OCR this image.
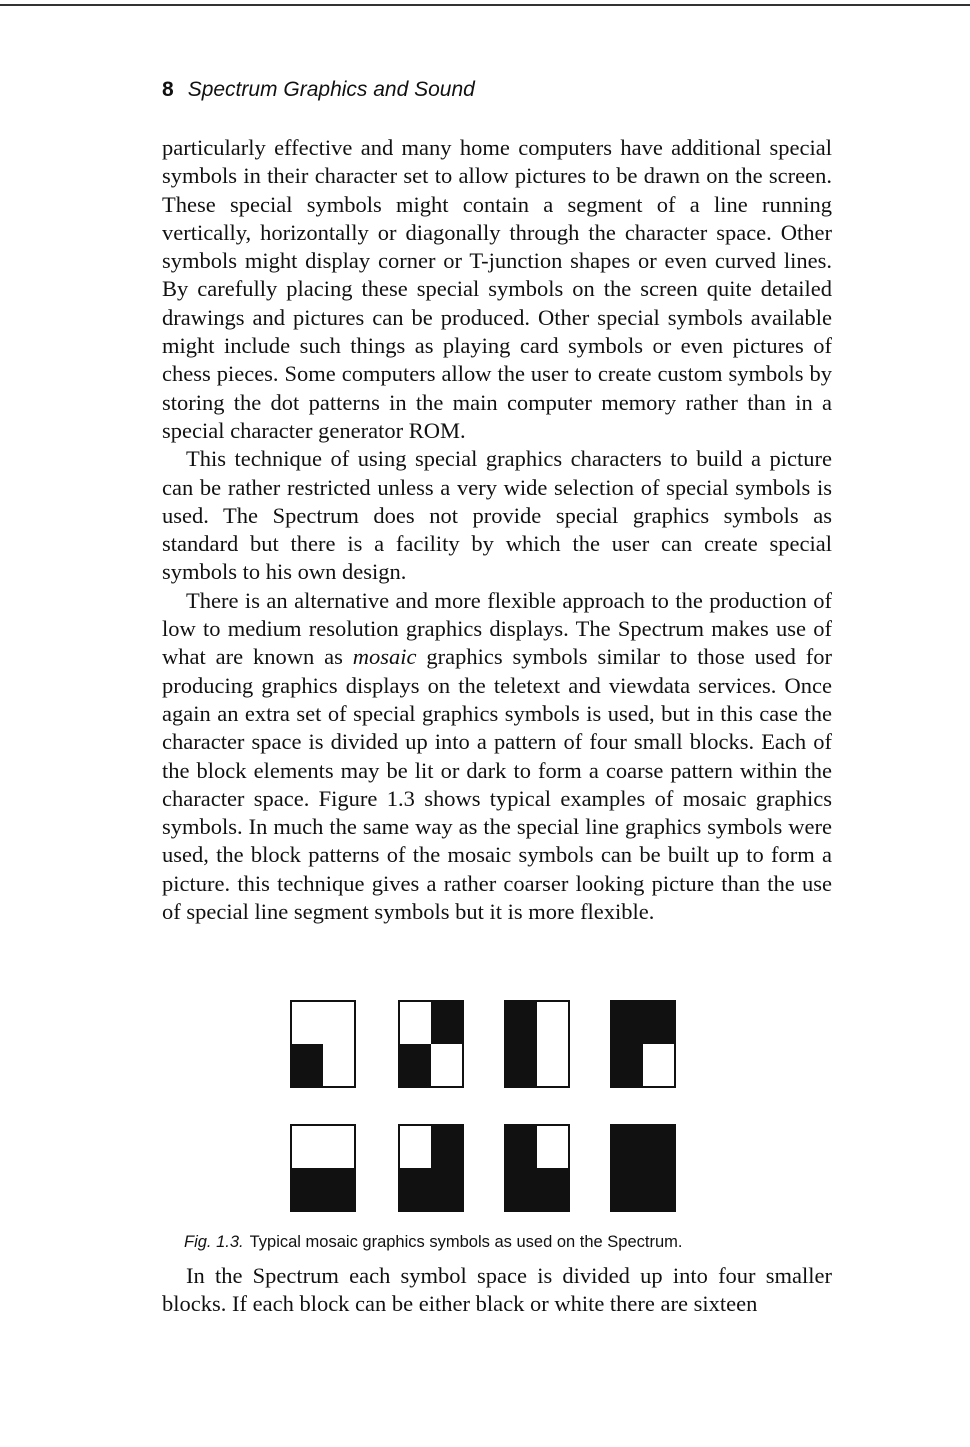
8 Spectrum Graphics and Sound

particularly effective and many home computers have additional special symbols in their character set to allow pictures to be drawn on the screen. These special symbols might contain a segment of a line running vertically, horizontally or diagonally through the character space. Other symbols might display corner or T-junction shapes or even curved lines. By carefully placing these special symbols on the screen quite detailed drawings and pictures can be produced. Other special symbols available might include such things as playing card symbols or even pictures of chess pieces. Some computers allow the user to create custom symbols by storing the dot patterns in the main computer memory rather than in a special character generator ROM.

This technique of using special graphics characters to build a picture can be rather restricted unless a very wide selection of special symbols is used. The Spectrum does not provide special graphics symbols as standard but there is a facility by which the user can create special symbols to his own design.

There is an alternative and more flexible approach to the production of low to medium resolution graphics displays. The Spectrum makes use of what are known as mosaic graphics symbols similar to those used for producing graphics displays on the teletext and viewdata services. Once again an extra set of special graphics symbols is used, but in this case the character space is divided up into a pattern of four small blocks. Each of the block elements may be lit or dark to form a coarse pattern within the character space. Figure 1.3 shows typical examples of mosaic graphics symbols. In much the same way as the special line graphics symbols were used, the block patterns of the mosaic symbols can be built up to form a picture. this technique gives a rather coarser looking picture than the use of special line segment symbols but it is more flexible.

Fig. 1.3. Typical mosaic graphics symbols as used on the Spectrum.

In the Spectrum each symbol space is divided up into four smaller blocks. If each block can be either black or white there are sixteen
